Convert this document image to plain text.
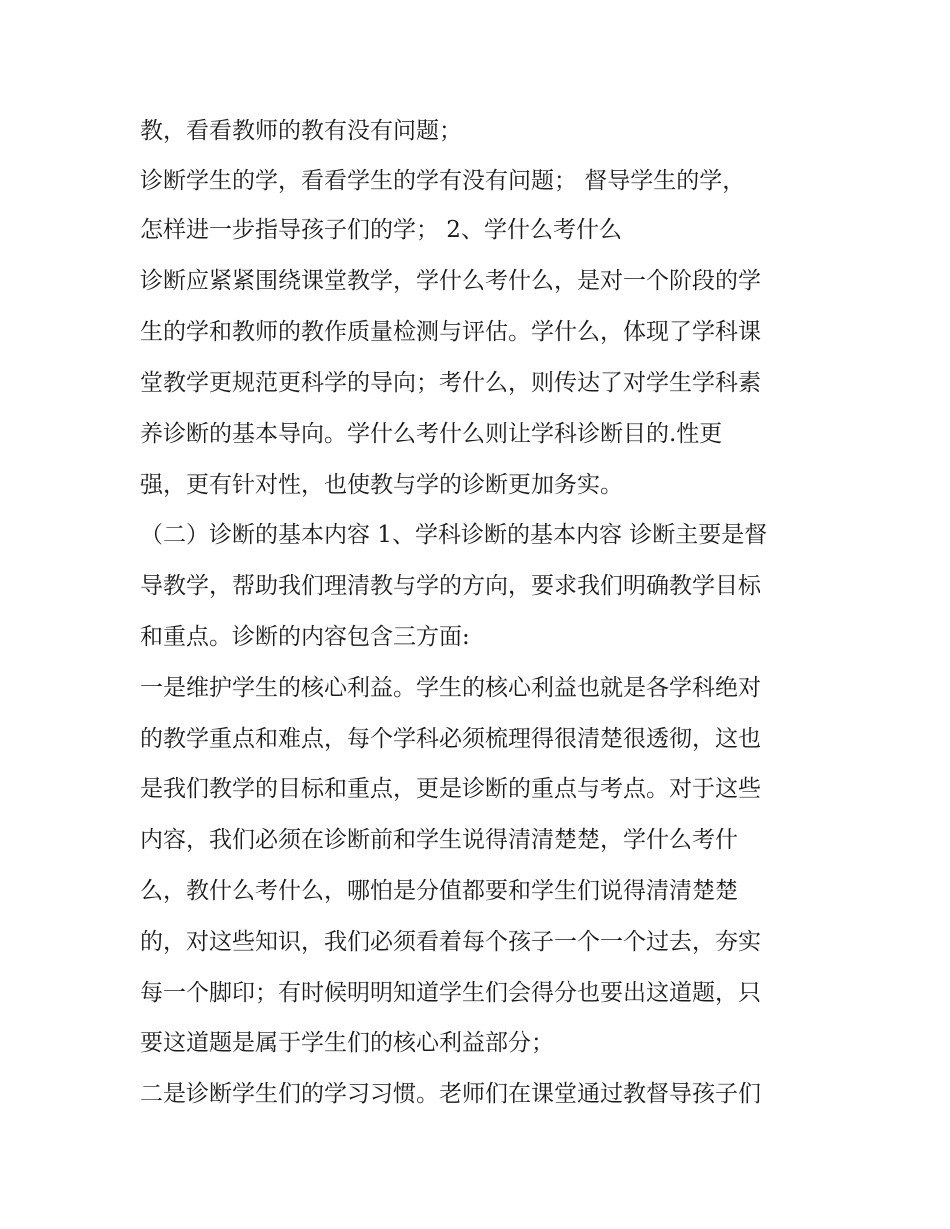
教，看看教师的教有没有问题；
诊断学生的学，看看学生的学有没有问题； 督导学生的学，
怎样进一步指导孩子们的学； 2、学什么考什么
诊断应紧紧围绕课堂教学，学什么考什么，是对一个阶段的学
生的学和教师的教作质量检测与评估。学什么，体现了学科课
堂教学更规范更科学的导向；考什么，则传达了对学生学科素
养诊断的基本导向。学什么考什么则让学科诊断目的.性更
强，更有针对性，也使教与学的诊断更加务实。
（二）诊断的基本内容 1、学科诊断的基本内容 诊断主要是督
导教学，帮助我们理清教与学的方向，要求我们明确教学目标
和重点。诊断的内容包含三方面:
一是维护学生的核心利益。学生的核心利益也就是各学科绝对
的教学重点和难点，每个学科必须梳理得很清楚很透彻，这也
是我们教学的目标和重点，更是诊断的重点与考点。对于这些
内容，我们必须在诊断前和学生说得清清楚楚，学什么考什
么，教什么考什么，哪怕是分值都要和学生们说得清清楚楚
的，对这些知识，我们必须看着每个孩子一个一个过去，夯实
每一个脚印；有时候明明知道学生们会得分也要出这道题，只
要这道题是属于学生们的核心利益部分；
二是诊断学生们的学习习惯。老师们在课堂通过教督导孩子们
